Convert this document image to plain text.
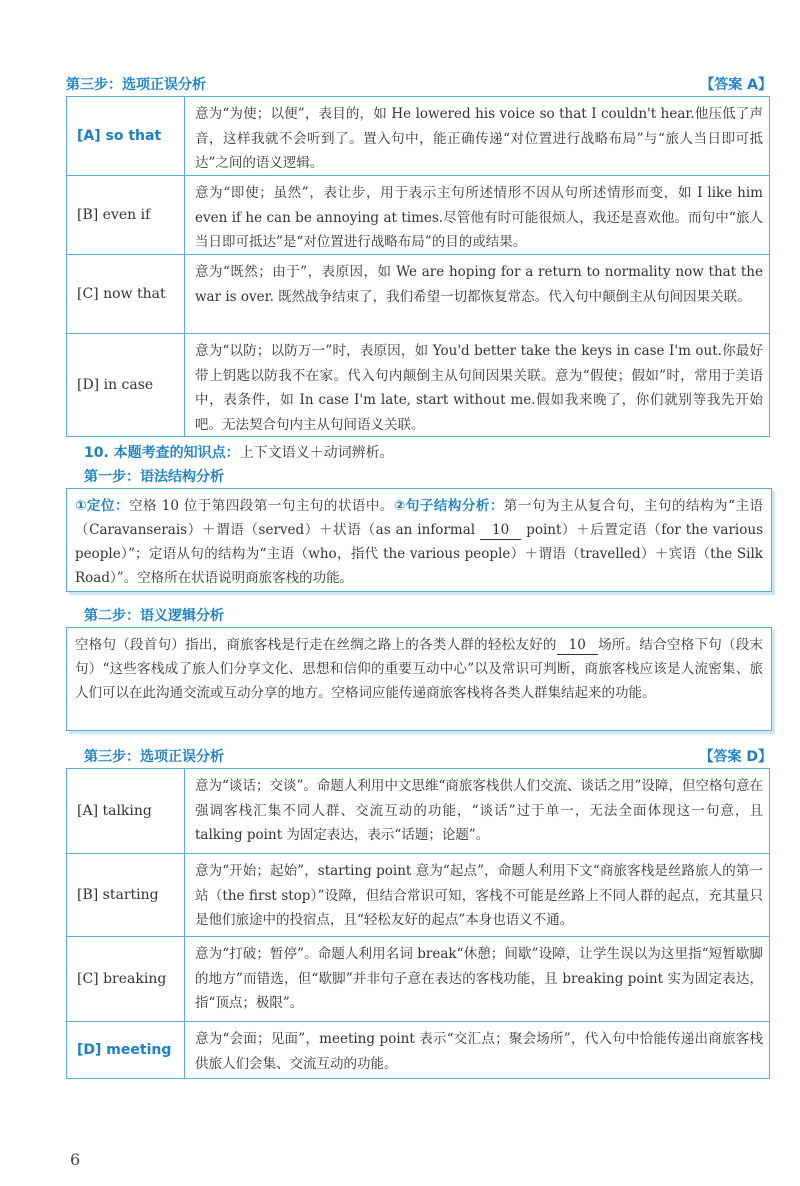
第三步：选项正误分析	【答案 A】
[A] so that
意为“为使；以便”，表目的，如 He lowered his voice so that I couldn't hear.他压低了声音，这样我就不会听到了。置入句中，能正确传递“对位置进行战略布局”与“旅人当日即可抵达”之间的语义逻辑。
[B] even if
意为“即使；虽然”，表让步，用于表示主句所述情形不因从句所述情形而变，如 I like him even if he can be annoying at times.尽管他有时可能很烦人，我还是喜欢他。而句中“旅人当日即可抵达”是“对位置进行战略布局”的目的或结果。
[C] now that
意为“既然；由于”，表原因，如 We are hoping for a return to normality now that the war is over. 既然战争结束了，我们希望一切都恢复常态。代入句中颠倒主从句间因果关联。
[D] in case
意为“以防；以防万一”时，表原因，如 You'd better take the keys in case I'm out.你最好带上钥匙以防我不在家。代入句内颠倒主从句间因果关联。意为“假使；假如”时，常用于美语中，表条件，如 In case I'm late, start without me.假如我来晚了，你们就别等我先开始吧。无法契合句内主从句间语义关联。
10. 本题考查的知识点：上下文语义＋动词辨析。
第一步：语法结构分析
①定位：空格 10 位于第四段第一句主句的状语中。②句子结构分析：第一句为主从复合句，主句的结构为“主语（Caravanserais）＋谓语（served）＋状语（as an informal 10 point）＋后置定语（for the various people）”；定语从句的结构为“主语（who，指代 the various people）＋谓语（travelled）＋宾语（the Silk Road）”。空格所在状语说明商旅客栈的功能。
第二步：语义逻辑分析
空格句（段首句）指出，商旅客栈是行走在丝绸之路上的各类人群的轻松友好的 10 场所。结合空格下句（段末句）“这些客栈成了旅人们分享文化、思想和信仰的重要互动中心”以及常识可判断，商旅客栈应该是人流密集、旅人们可以在此沟通交流或互动分享的地方。空格词应能传递商旅客栈将各类人群集结起来的功能。
第三步：选项正误分析	【答案 D】
[A] talking
意为“谈话；交谈”。命题人利用中文思维“商旅客栈供人们交流、谈话之用”设障，但空格句意在强调客栈汇集不同人群、交流互动的功能，“谈话”过于单一，无法全面体现这一句意，且 talking point 为固定表达，表示“话题；论题”。
[B] starting
意为“开始；起始”，starting point 意为“起点”，命题人利用下文“商旅客栈是丝路旅人的第一站（the first stop）”设障，但结合常识可知，客栈不可能是丝路上不同人群的起点，充其量只是他们旅途中的投宿点，且“轻松友好的起点”本身也语义不通。
[C] breaking
意为“打破；暂停”。命题人利用名词 break“休憩；间歇”设障，让学生误以为这里指“短暂歇脚的地方”而错选，但“歇脚”并非句子意在表达的客栈功能，且 breaking point 实为固定表达，指“顶点；极限”。
[D] meeting
意为“会面；见面”，meeting point 表示“交汇点；聚会场所”，代入句中恰能传递出商旅客栈供旅人们会集、交流互动的功能。
6
